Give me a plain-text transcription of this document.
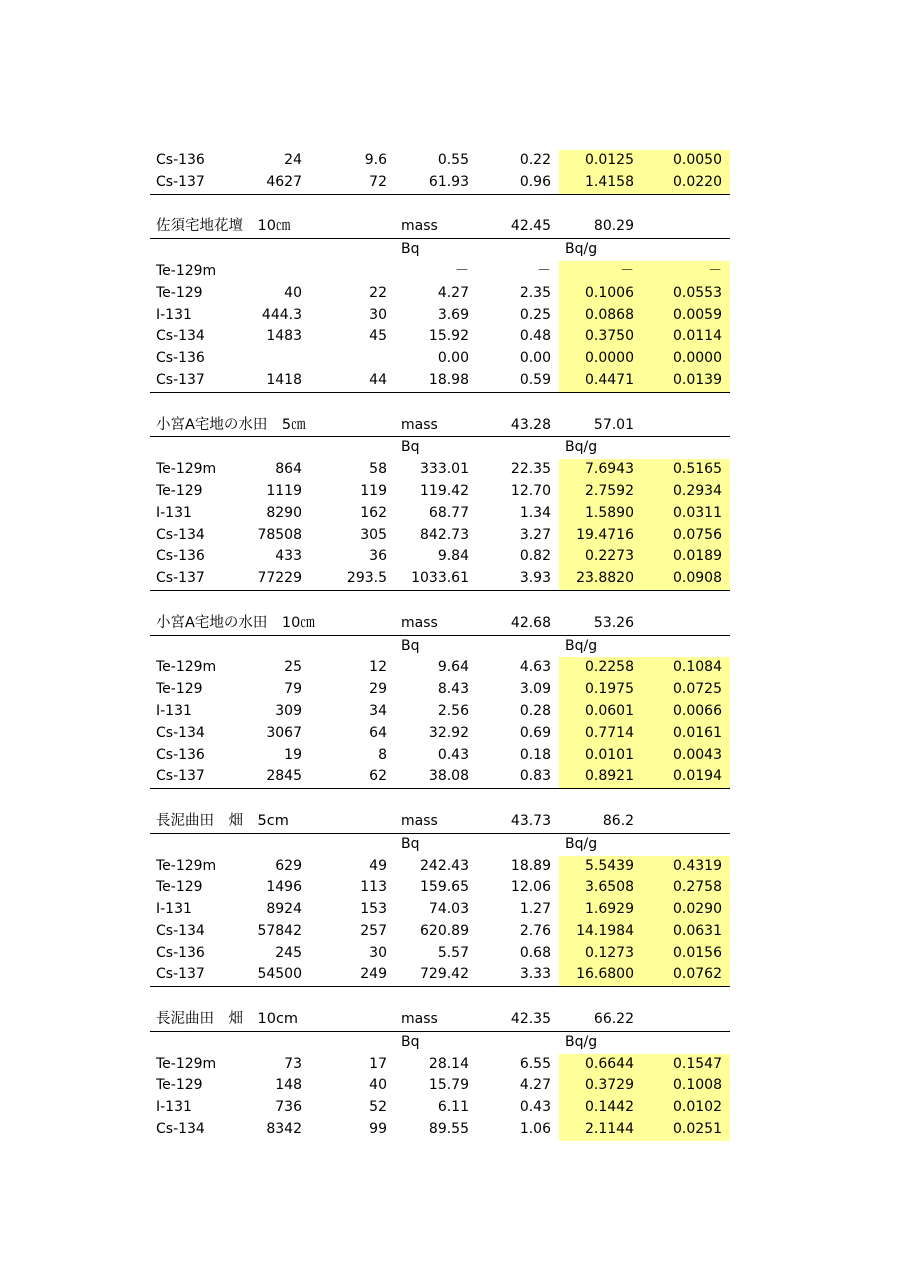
Cs-136	24	9.6	0.55	0.22	0.0125	0.0050
Cs-137	4627	72	61.93	0.96	1.4158	0.0220

佐須宅地花壇　10㎝			mass	42.45	80.29	
			Bq		Bq/g	
Te-129m			－	－	－	－
Te-129	40	22	4.27	2.35	0.1006	0.0553
I-131	444.3	30	3.69	0.25	0.0868	0.0059
Cs-134	1483	45	15.92	0.48	0.3750	0.0114
Cs-136			0.00	0.00	0.0000	0.0000
Cs-137	1418	44	18.98	0.59	0.4471	0.0139

小宮A宅地の水田　5㎝			mass	43.28	57.01	
			Bq		Bq/g	
Te-129m	864	58	333.01	22.35	7.6943	0.5165
Te-129	1119	119	119.42	12.70	2.7592	0.2934
I-131	8290	162	68.77	1.34	1.5890	0.0311
Cs-134	78508	305	842.73	3.27	19.4716	0.0756
Cs-136	433	36	9.84	0.82	0.2273	0.0189
Cs-137	77229	293.5	1033.61	3.93	23.8820	0.0908

小宮A宅地の水田　10㎝			mass	42.68	53.26	
			Bq		Bq/g	
Te-129m	25	12	9.64	4.63	0.2258	0.1084
Te-129	79	29	8.43	3.09	0.1975	0.0725
I-131	309	34	2.56	0.28	0.0601	0.0066
Cs-134	3067	64	32.92	0.69	0.7714	0.0161
Cs-136	19	8	0.43	0.18	0.0101	0.0043
Cs-137	2845	62	38.08	0.83	0.8921	0.0194

長泥曲田　畑　5cm			mass	43.73	86.2	
			Bq		Bq/g	
Te-129m	629	49	242.43	18.89	5.5439	0.4319
Te-129	1496	113	159.65	12.06	3.6508	0.2758
I-131	8924	153	74.03	1.27	1.6929	0.0290
Cs-134	57842	257	620.89	2.76	14.1984	0.0631
Cs-136	245	30	5.57	0.68	0.1273	0.0156
Cs-137	54500	249	729.42	3.33	16.6800	0.0762

長泥曲田　畑　10cm			mass	42.35	66.22	
			Bq		Bq/g	
Te-129m	73	17	28.14	6.55	0.6644	0.1547
Te-129	148	40	15.79	4.27	0.3729	0.1008
I-131	736	52	6.11	0.43	0.1442	0.0102
Cs-134	8342	99	89.55	1.06	2.1144	0.0251
